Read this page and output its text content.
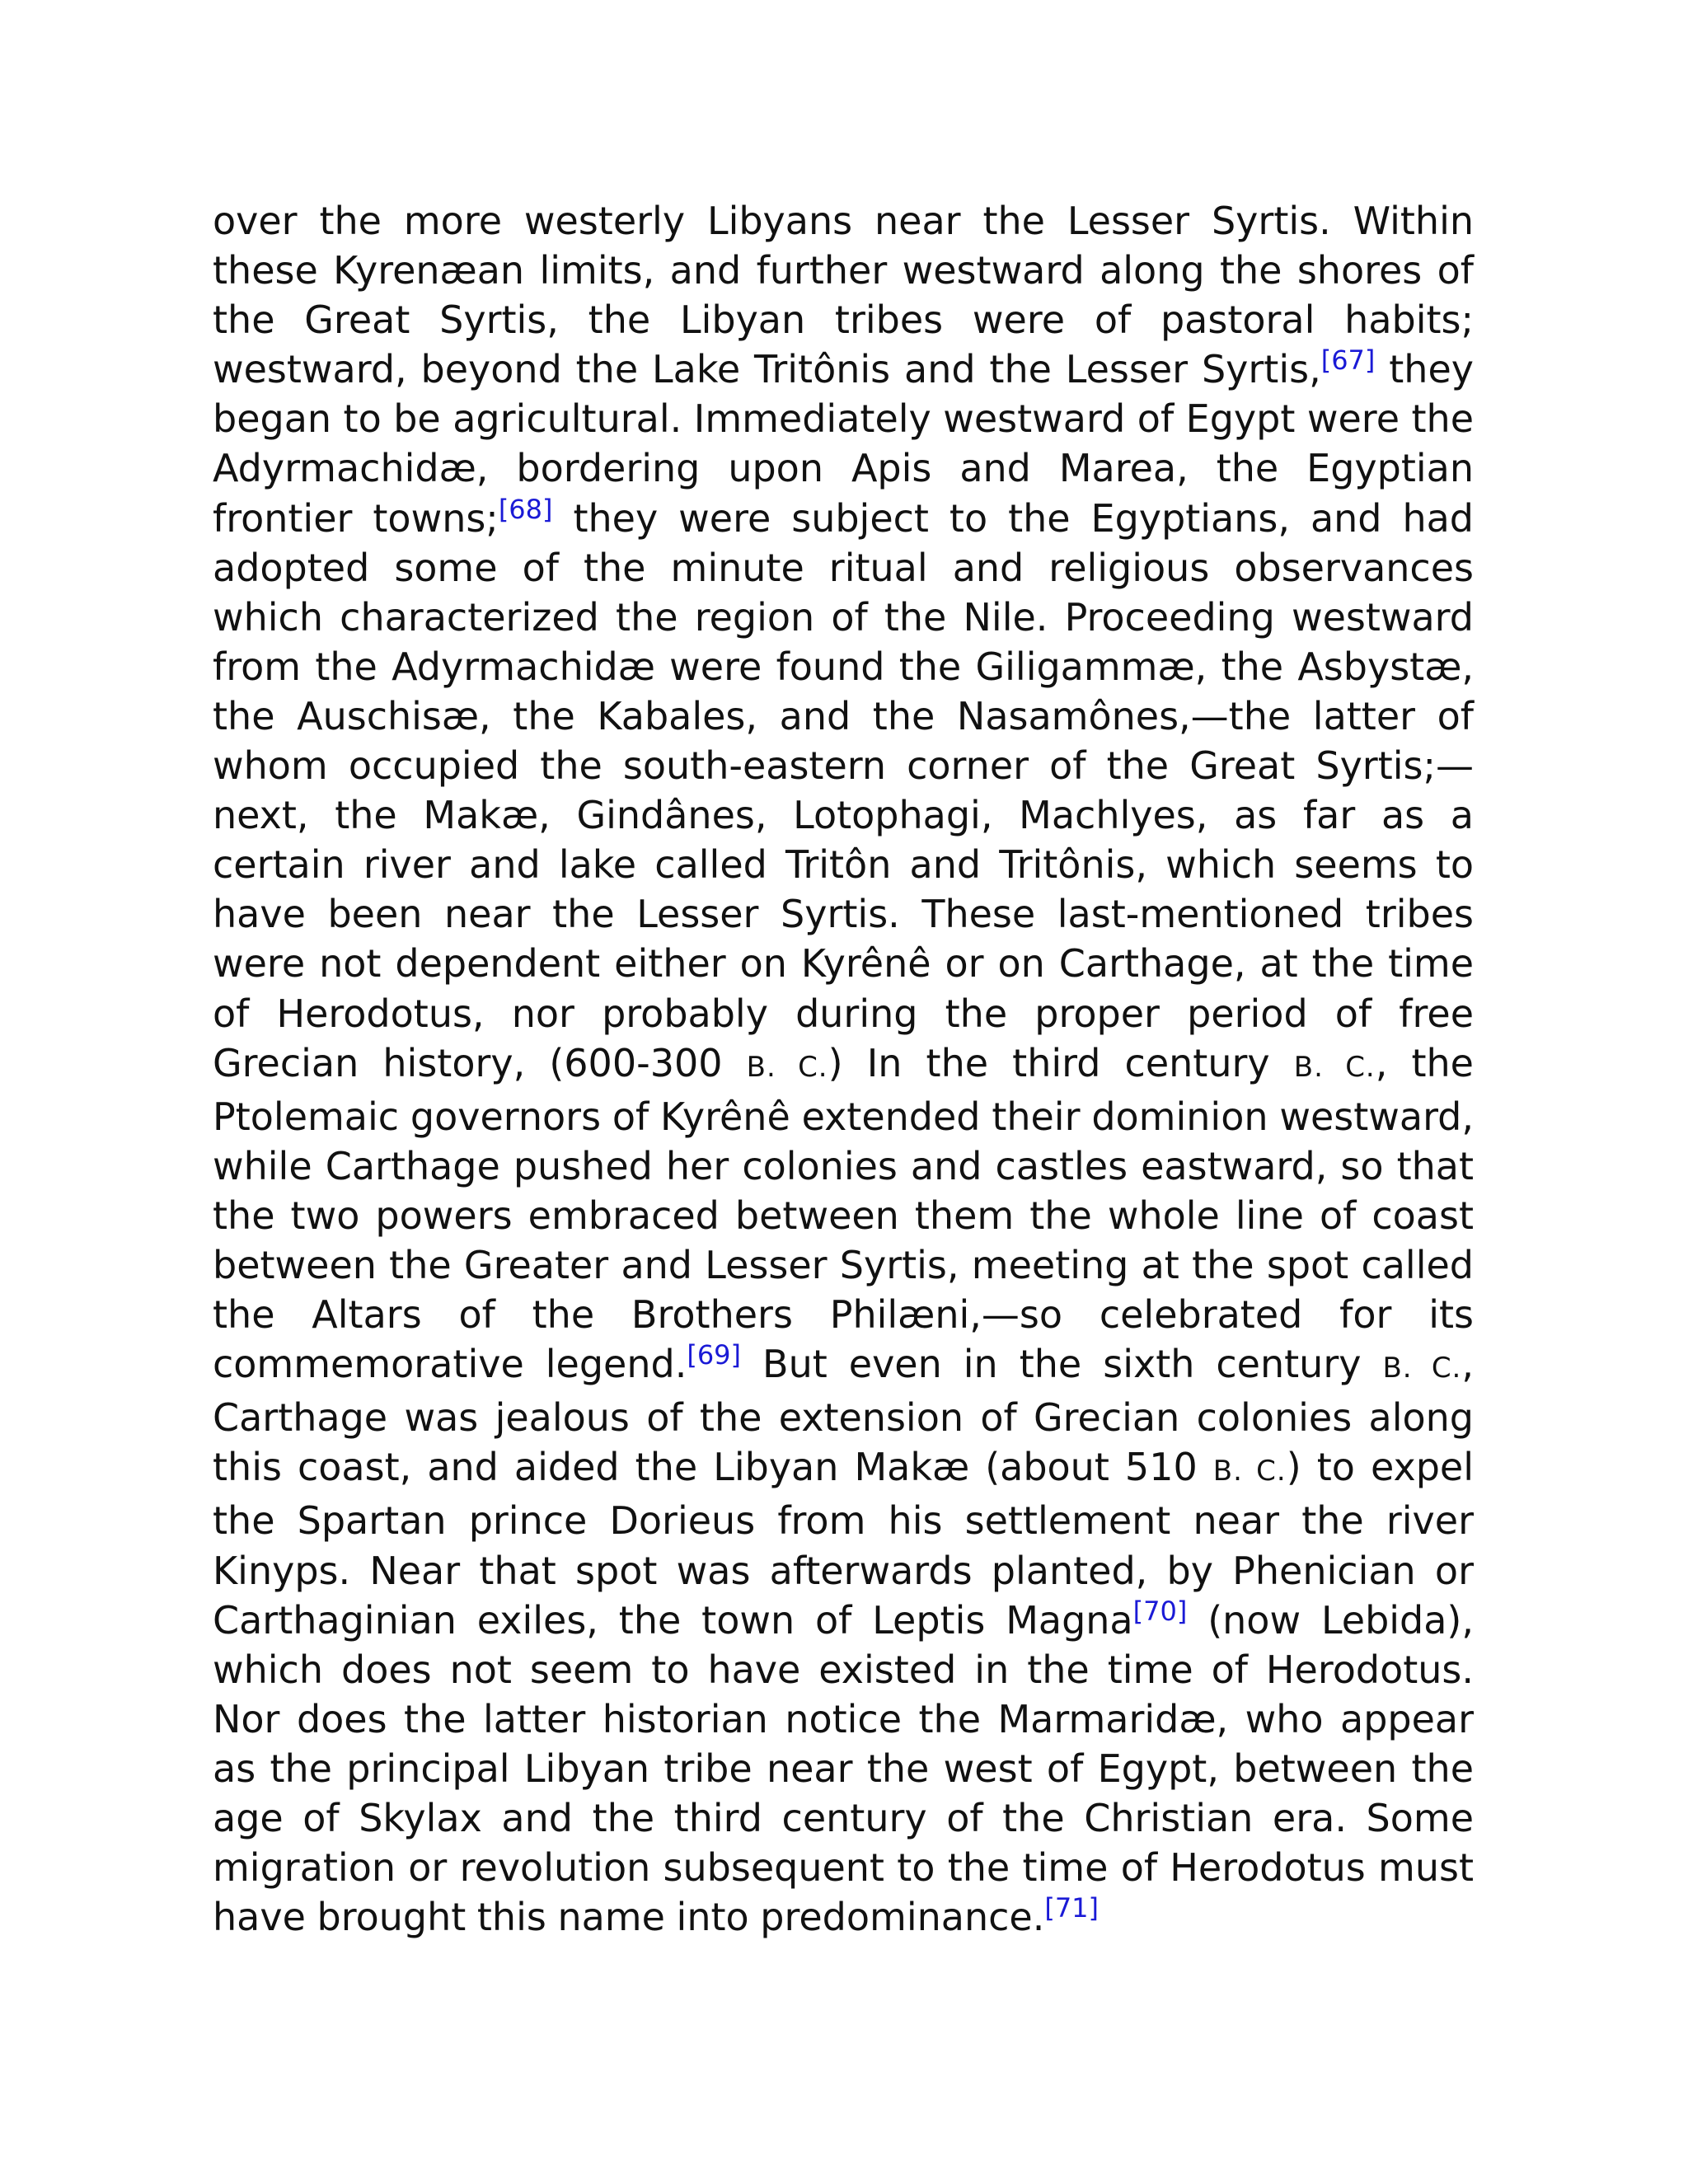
over the more westerly Libyans near the Lesser Syrtis. Within these Kyrenæan limits, and further westward along the shores of the Great Syrtis, the Libyan tribes were of pastoral habits; westward, beyond the Lake Tritônis and the Lesser Syrtis,[67] they began to be agricultural. Immediately westward of Egypt were the Adyrmachidæ, bordering upon Apis and Marea, the Egyptian frontier towns;[68] they were subject to the Egyptians, and had adopted some of the minute ritual and religious observances which characterized the region of the Nile. Proceeding westward from the Adyrmachidæ were found the Giligammæ, the Asbystæ, the Auschisæ, the Kabales, and the Nasamônes,—the latter of whom occupied the south-eastern corner of the Great Syrtis;—next, the Makæ, Gindânes, Lotophagi, Machlyes, as far as a certain river and lake called Tritôn and Tritônis, which seems to have been near the Lesser Syrtis. These last-mentioned tribes were not dependent either on Kyrênê or on Carthage, at the time of Herodotus, nor probably during the proper period of free Grecian history, (600-300 B. C.) In the third century B. C., the Ptolemaic governors of Kyrênê extended their dominion westward, while Carthage pushed her colonies and castles eastward, so that the two powers embraced between them the whole line of coast between the Greater and Lesser Syrtis, meeting at the spot called the Altars of the Brothers Philæni,—so celebrated for its commemorative legend.[69] But even in the sixth century B. C., Carthage was jealous of the extension of Grecian colonies along this coast, and aided the Libyan Makæ (about 510 B. C.) to expel the Spartan prince Dorieus from his settlement near the river Kinyps. Near that spot was afterwards planted, by Phenician or Carthaginian exiles, the town of Leptis Magna[70] (now Lebida), which does not seem to have existed in the time of Herodotus. Nor does the latter historian notice the Marmaridæ, who appear as the principal Libyan tribe near the west of Egypt, between the age of Skylax and the third century of the Christian era. Some migration or revolution subsequent to the time of Herodotus must have brought this name into predominance.[71]
